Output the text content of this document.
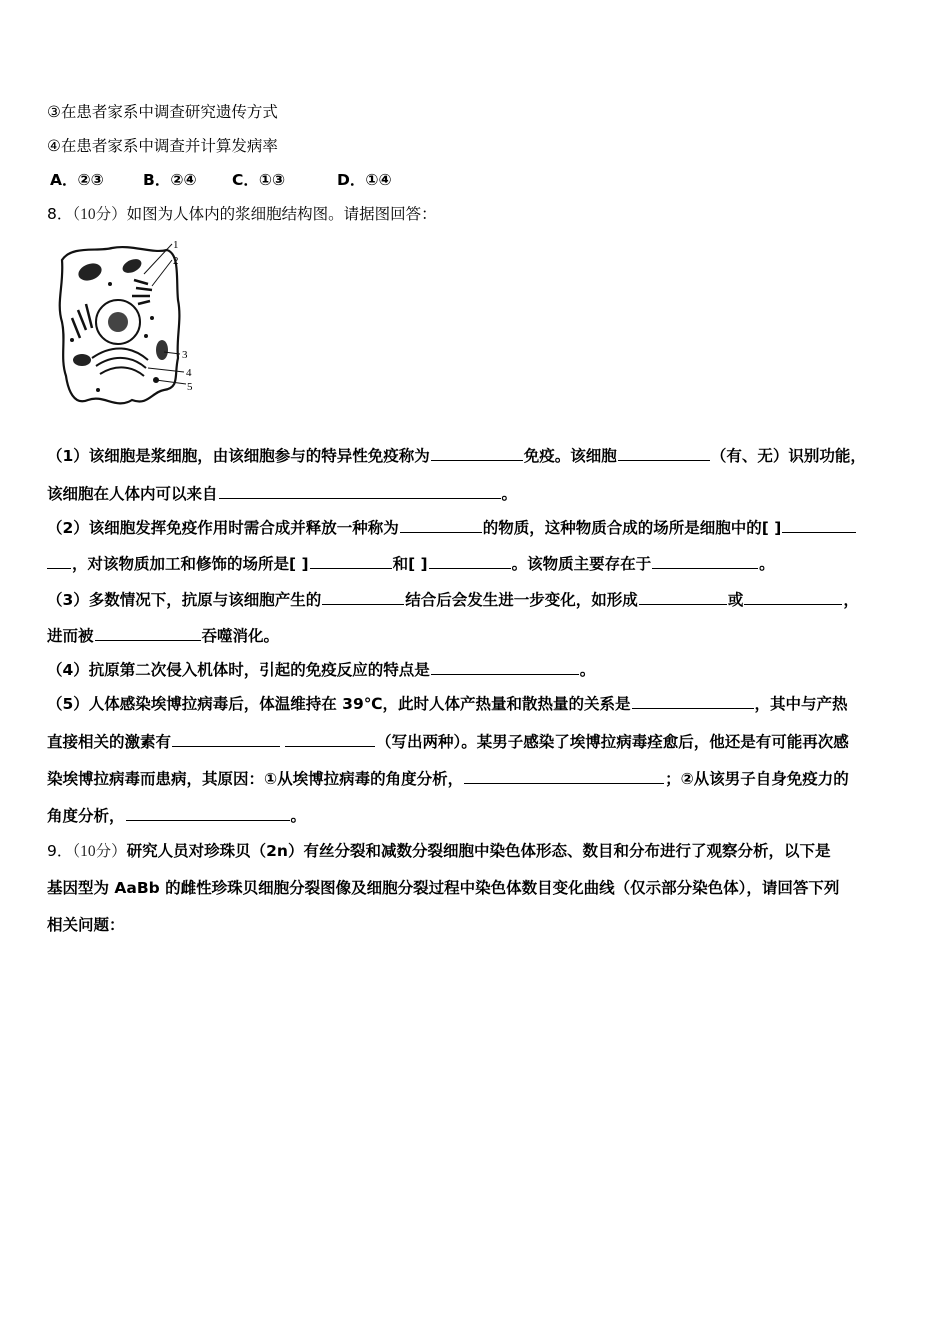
③在患者家系中调查研究遗传方式
④在患者家系中调查并计算发病率
A．②③	B．②④ C．①③	D．①④
8．（10分）如图为人体内的浆细胞结构图。请据图回答：
1
2
3
4
5
（1）该细胞是浆细胞，由该细胞参与的特异性免疫称为	免疫。该细胞	（有、无）识别功能，
该细胞在人体内可以来自	。
（2）该细胞发挥免疫作用时需合成并释放一种称为	的物质，这种物质合成的场所是细胞中的[ ]
，对该物质加工和修饰的场所是[ ]	和[ ]	。该物质主要存在于	。
（3）多数情况下，抗原与该细胞产生的	结合后会发生进一步变化，如形成	或	，
进而被	吞噬消化。
（4）抗原第二次侵入机体时，引起的免疫反应的特点是	。
（5）人体感染埃博拉病毒后，体温维持在 39℃，此时人体产热量和散热量的关系是	，其中与产热
直接相关的激素有	（写出两种）。某男子感染了埃博拉病毒痊愈后，他还是有可能再次感
染埃博拉病毒而患病，其原因：①从埃博拉病毒的角度分析，	；②从该男子自身免疫力的
角度分析，	。
9．（10分）研究人员对珍珠贝（2n）有丝分裂和减数分裂细胞中染色体形态、数目和分布进行了观察分析，以下是
基因型为 AaBb 的雌性珍珠贝细胞分裂图像及细胞分裂过程中染色体数目变化曲线（仅示部分染色体），请回答下列
相关问题：
